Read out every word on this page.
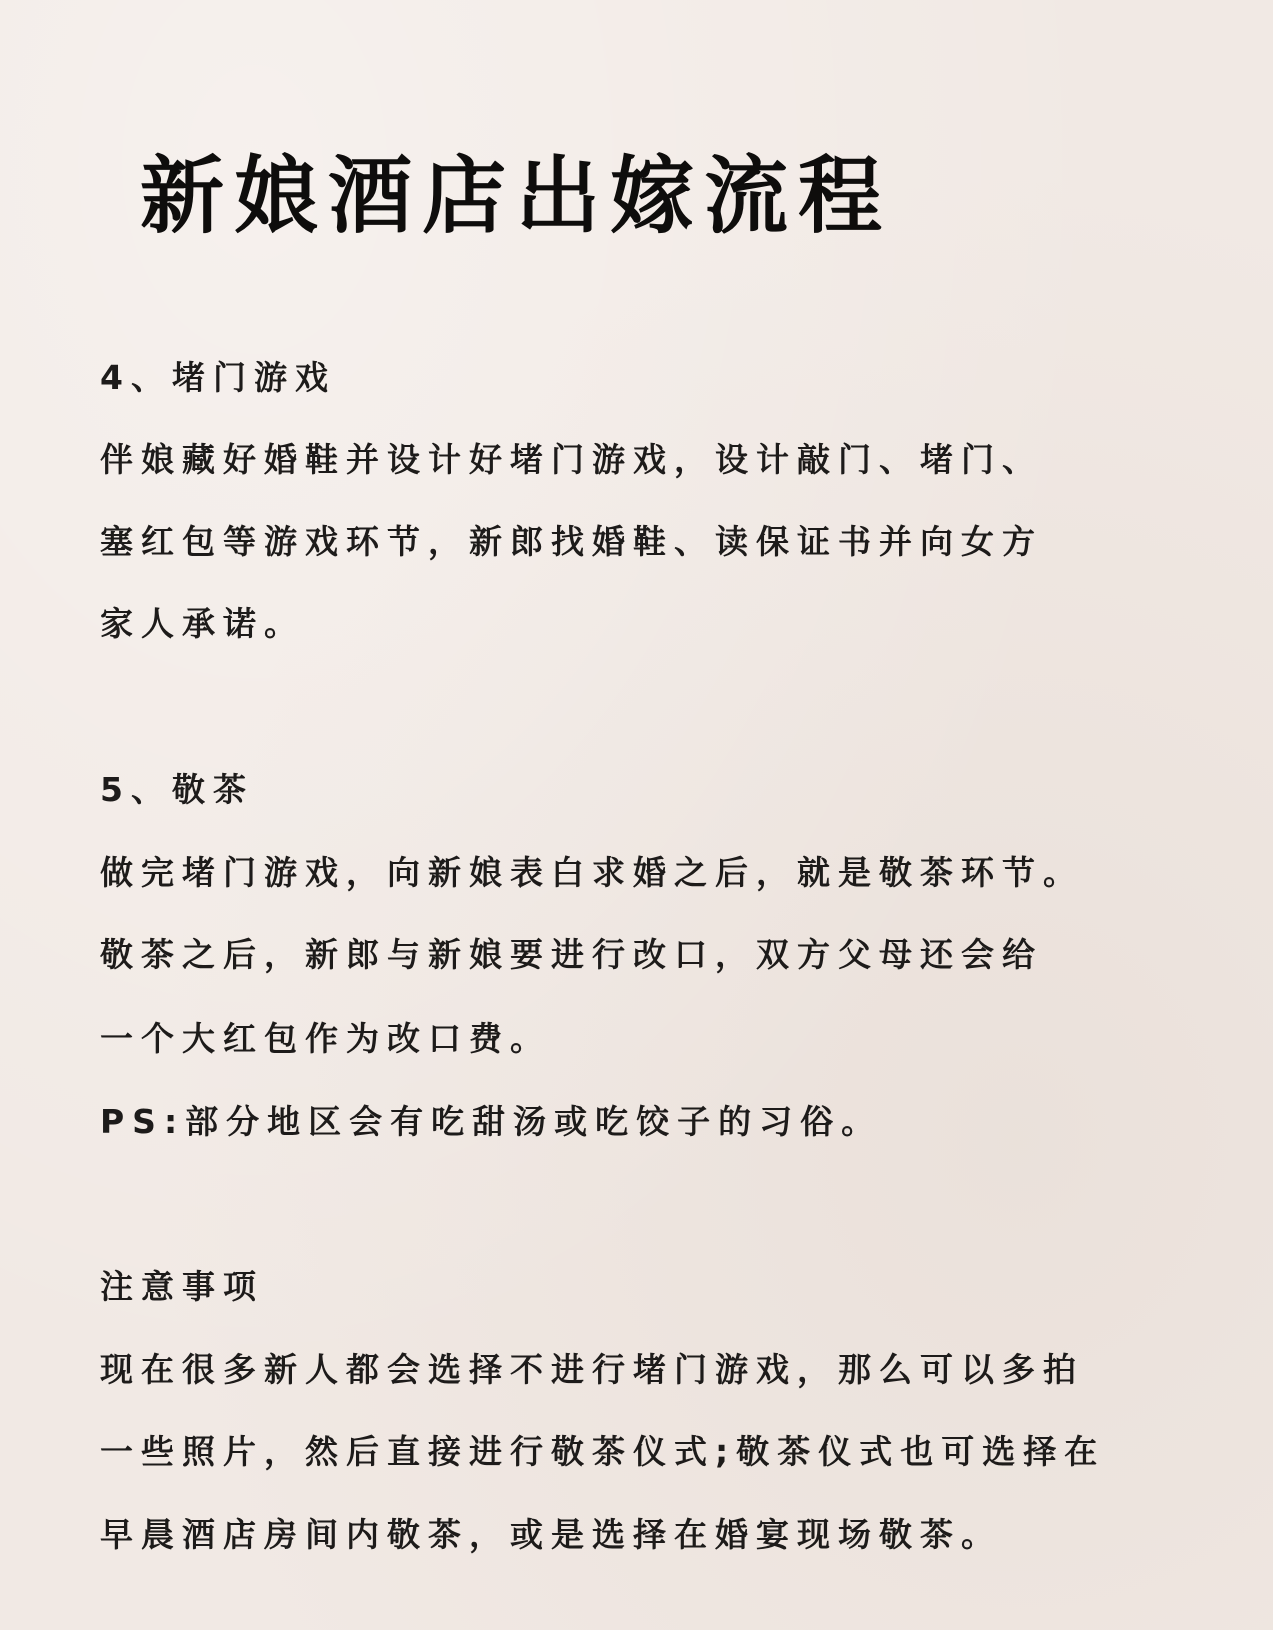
新娘酒店出嫁流程
4、堵门游戏
伴娘藏好婚鞋并设计好堵门游戏，设计敲门、堵门、
塞红包等游戏环节，新郎找婚鞋、读保证书并向女方
家人承诺。
5、敬茶
做完堵门游戏，向新娘表白求婚之后，就是敬茶环节。
敬茶之后，新郎与新娘要进行改口，双方父母还会给
一个大红包作为改口费。
PS:部分地区会有吃甜汤或吃饺子的习俗。
注意事项
现在很多新人都会选择不进行堵门游戏，那么可以多拍
一些照片，然后直接进行敬茶仪式;敬茶仪式也可选择在
早晨酒店房间内敬茶，或是选择在婚宴现场敬茶。
